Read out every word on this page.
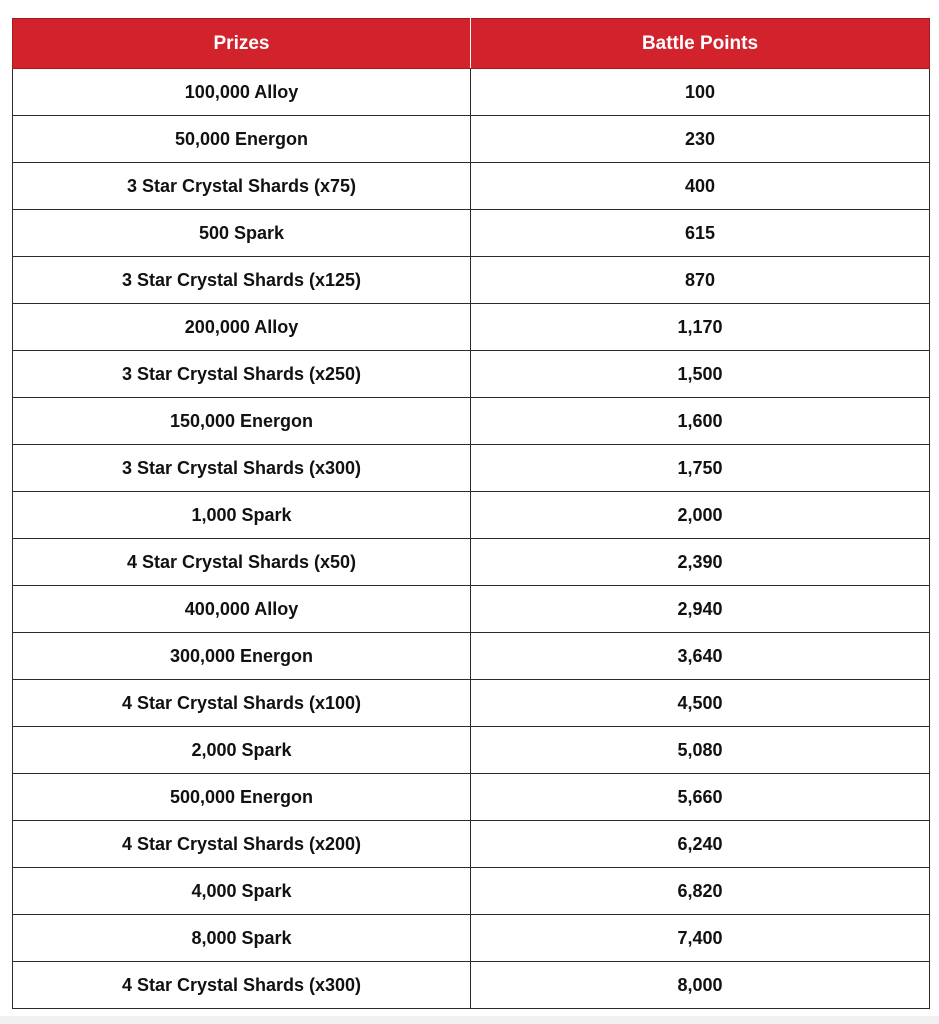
Prizes	Battle Points
100,000 Alloy	100
50,000 Energon	230
3 Star Crystal Shards (x75)	400
500 Spark	615
3 Star Crystal Shards (x125)	870
200,000 Alloy	1,170
3 Star Crystal Shards (x250)	1,500
150,000 Energon	1,600
3 Star Crystal Shards (x300)	1,750
1,000 Spark	2,000
4 Star Crystal Shards (x50)	2,390
400,000 Alloy	2,940
300,000 Energon	3,640
4 Star Crystal Shards (x100)	4,500
2,000 Spark	5,080
500,000 Energon	5,660
4 Star Crystal Shards (x200)	6,240
4,000 Spark	6,820
8,000 Spark	7,400
4 Star Crystal Shards (x300)	8,000
